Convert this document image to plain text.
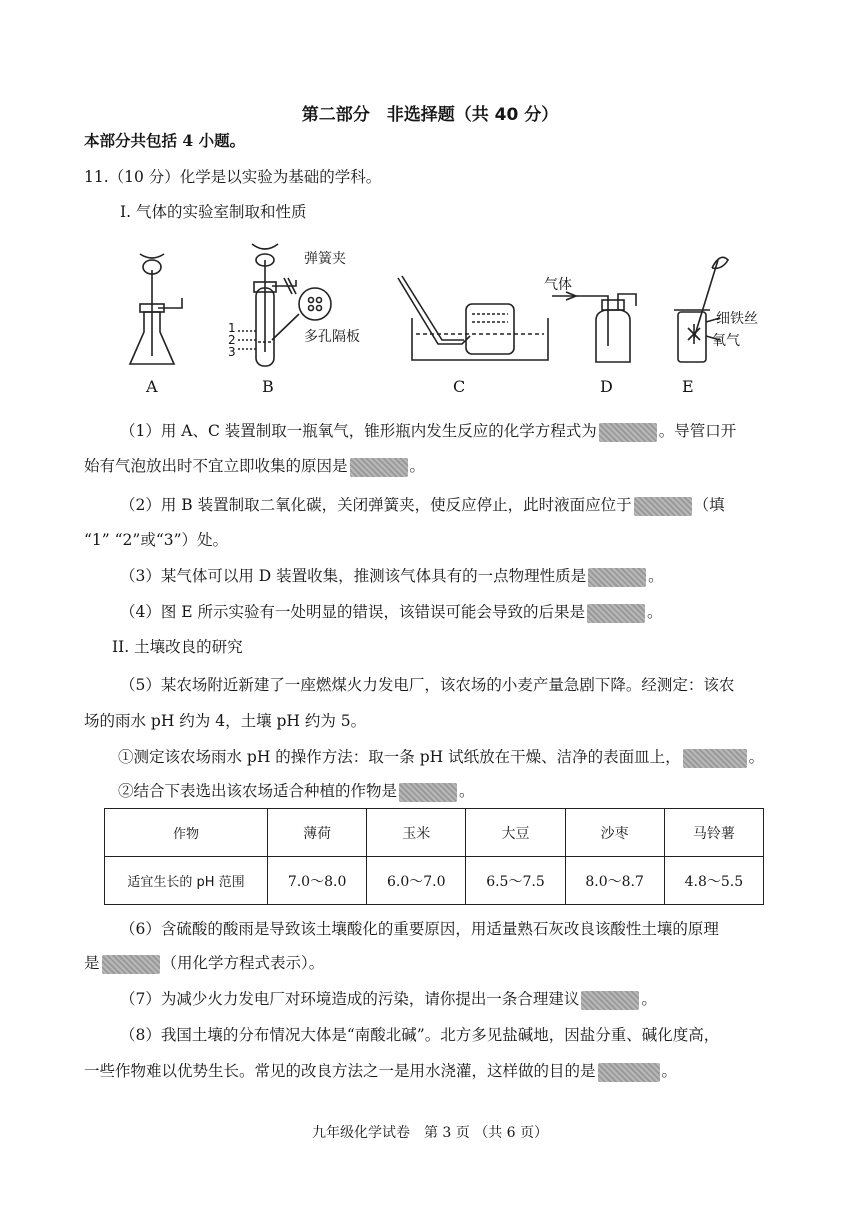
第二部分　非选择题（共 40 分）
本部分共包括 4 小题。
11.（10 分）化学是以实验为基础的学科。
I. 气体的实验室制取和性质
弹簧夹
多孔隔板
1
2
3
气体
细铁丝
氧气
A	B	C	D	E
（1）用 A、C 装置制取一瓶氧气，锥形瓶内发生反应的化学方程式为	。导管口开
始有气泡放出时不宜立即收集的原因是	。
（2）用 B 装置制取二氧化碳，关闭弹簧夹，使反应停止，此时液面应位于	（填
“1” “2”或“3”）处。
（3）某气体可以用 D 装置收集，推测该气体具有的一点物理性质是	。
（4）图 E 所示实验有一处明显的错误，该错误可能会导致的后果是	。
II. 土壤改良的研究
（5）某农场附近新建了一座燃煤火力发电厂，该农场的小麦产量急剧下降。经测定：该农
场的雨水 pH 约为 4，土壤 pH 约为 5。
①测定该农场雨水 pH 的操作方法：取一条 pH 试纸放在干燥、洁净的表面皿上，	。
②结合下表选出该农场适合种植的作物是	。
作物	薄荷	玉米	大豆	沙枣	马铃薯
适宜生长的 pH 范围	7.0～8.0	6.0～7.0	6.5～7.5	8.0～8.7	4.8～5.5
（6）含硫酸的酸雨是导致该土壤酸化的重要原因，用适量熟石灰改良该酸性土壤的原理
是	（用化学方程式表示）。
（7）为减少火力发电厂对环境造成的污染，请你提出一条合理建议	。
（8）我国土壤的分布情况大体是“南酸北碱”。北方多见盐碱地，因盐分重、碱化度高，
一些作物难以优势生长。常见的改良方法之一是用水浇灌，这样做的目的是	。
九年级化学试卷　第 3 页 （共 6 页）
